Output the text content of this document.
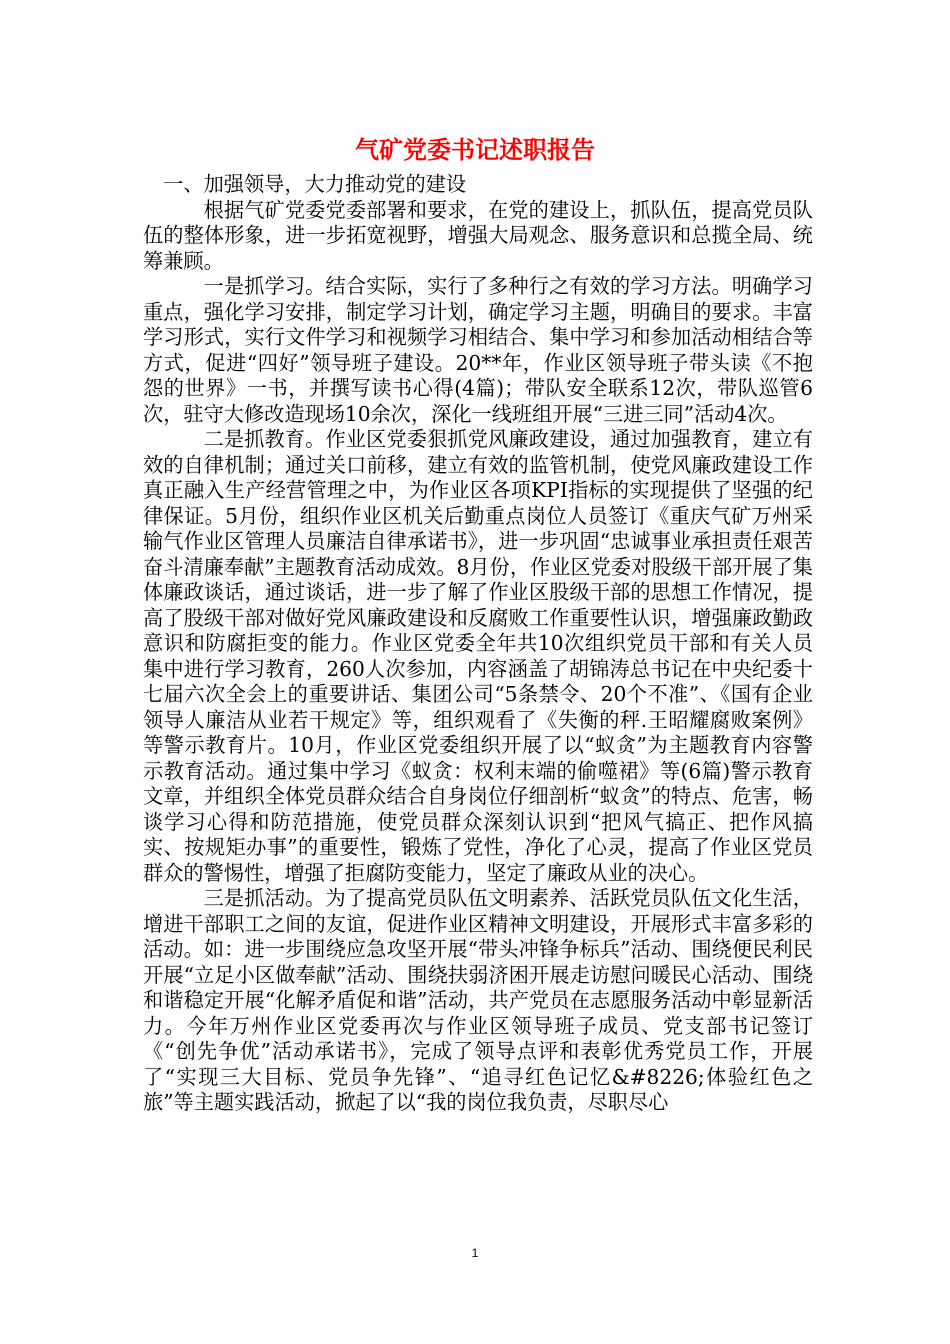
气矿党委书记述职报告

一、加强领导，大力推动党的建设

根据气矿党委党委部署和要求，在党的建设上，抓队伍，提高党员队伍的整体形象，进一步拓宽视野，增强大局观念、服务意识和总揽全局、统筹兼顾。

一是抓学习。结合实际，实行了多种行之有效的学习方法。明确学习重点，强化学习安排，制定学习计划，确定学习主题，明确目的要求。丰富学习形式，实行文件学习和视频学习相结合、集中学习和参加活动相结合等方式，促进“四好”领导班子建设。20**年，作业区领导班子带头读《不抱怨的世界》一书，并撰写读书心得(4篇)；带队安全联系12次，带队巡管6次，驻守大修改造现场10余次，深化一线班组开展“三进三同”活动4次。

二是抓教育。作业区党委狠抓党风廉政建设，通过加强教育，建立有效的自律机制；通过关口前移，建立有效的监管机制，使党风廉政建设工作真正融入生产经营管理之中，为作业区各项KPI指标的实现提供了坚强的纪律保证。5月份，组织作业区机关后勤重点岗位人员签订《重庆气矿万州采输气作业区管理人员廉洁自律承诺书》，进一步巩固“忠诚事业承担责任艰苦奋斗清廉奉献”主题教育活动成效。8月份，作业区党委对股级干部开展了集体廉政谈话，通过谈话，进一步了解了作业区股级干部的思想工作情况，提高了股级干部对做好党风廉政建设和反腐败工作重要性认识，增强廉政勤政意识和防腐拒变的能力。作业区党委全年共10次组织党员干部和有关人员集中进行学习教育，260人次参加，内容涵盖了胡锦涛总书记在中央纪委十七届六次全会上的重要讲话、集团公司“5条禁令、20个不准”、《国有企业领导人廉洁从业若干规定》等，组织观看了《失衡的秤.王昭耀腐败案例》等警示教育片。10月，作业区党委组织开展了以“蚁贪”为主题教育内容警示教育活动。通过集中学习《蚁贪：权利末端的偷噬裙》等(6篇)警示教育文章，并组织全体党员群众结合自身岗位仔细剖析“蚁贪”的特点、危害，畅谈学习心得和防范措施，使党员群众深刻认识到“把风气搞正、把作风搞实、按规矩办事”的重要性，锻炼了党性，净化了心灵，提高了作业区党员群众的警惕性，增强了拒腐防变能力，坚定了廉政从业的决心。

三是抓活动。为了提高党员队伍文明素养、活跃党员队伍文化生活，增进干部职工之间的友谊，促进作业区精神文明建设，开展形式丰富多彩的活动。如：进一步围绕应急攻坚开展“带头冲锋争标兵”活动、围绕便民利民开展“立足小区做奉献”活动、围绕扶弱济困开展走访慰问暖民心活动、围绕和谐稳定开展“化解矛盾促和谐”活动，共产党员在志愿服务活动中彰显新活力。今年万州作业区党委再次与作业区领导班子成员、党支部书记签订《“创先争优”活动承诺书》，完成了领导点评和表彰优秀党员工作，开展了“实现三大目标、党员争先锋”、“追寻红色记忆&#8226;体验红色之旅”等主题实践活动，掀起了以“我的岗位我负责，尽职尽心

1
